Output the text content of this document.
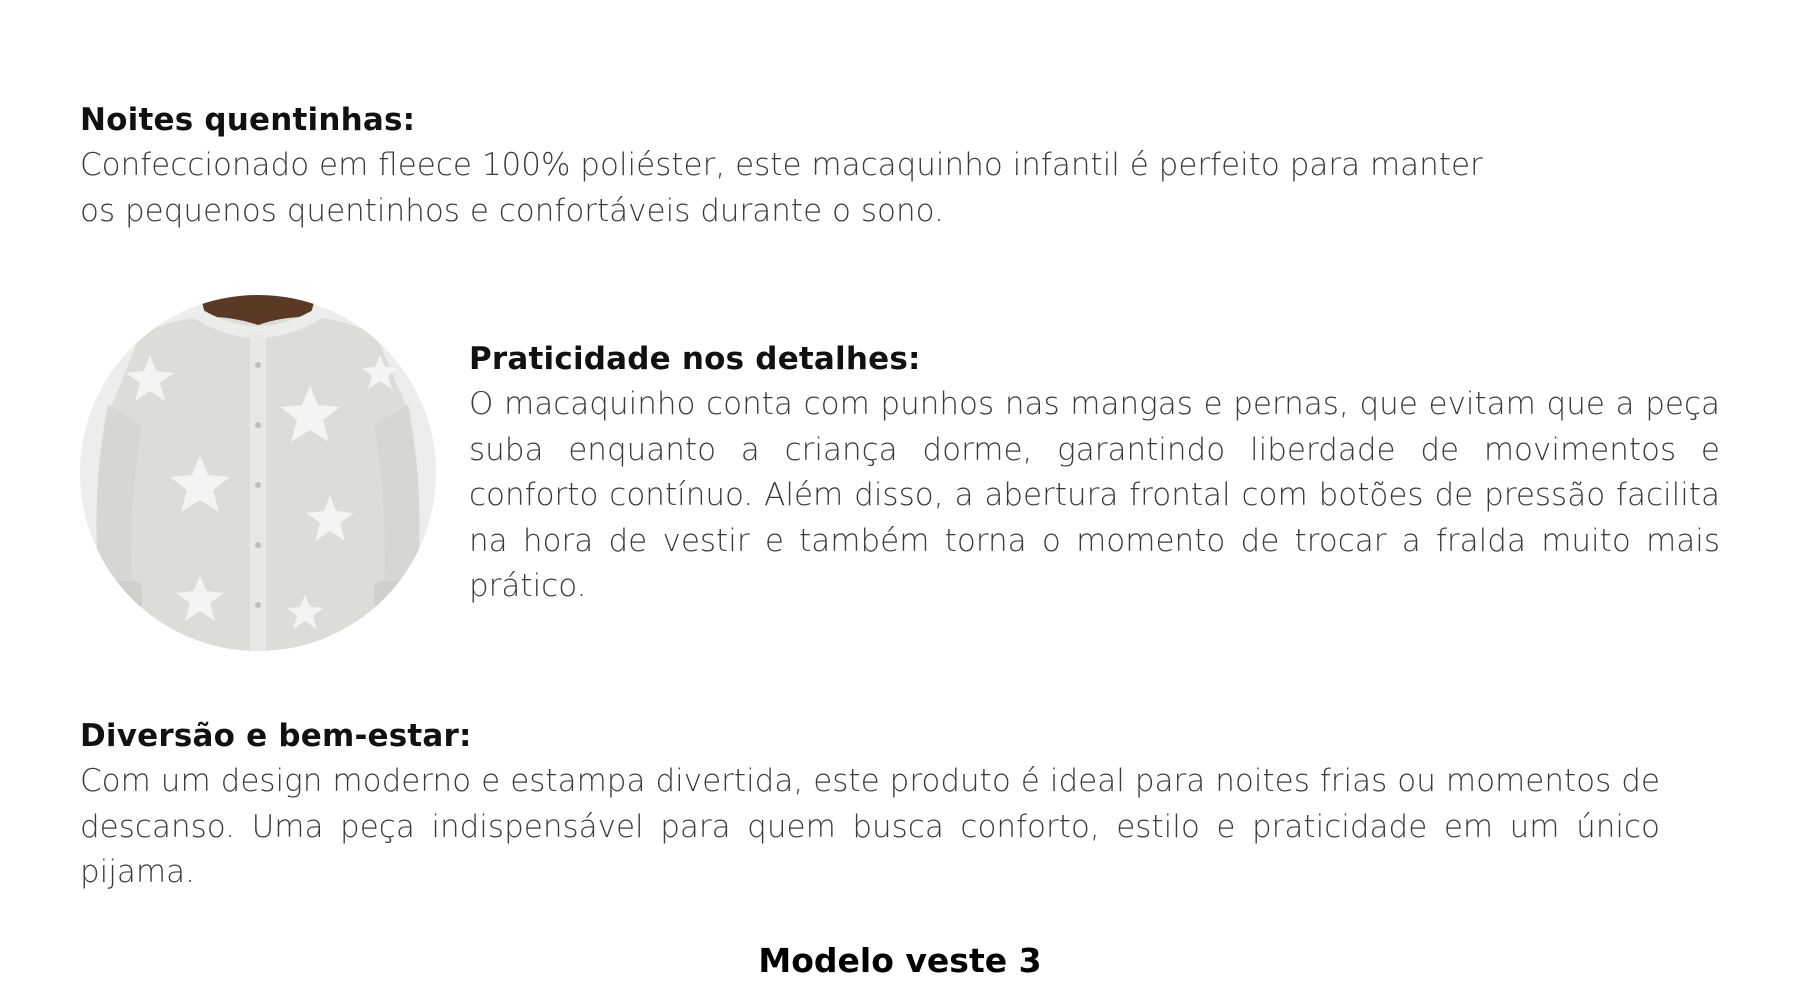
Noites quentinhas:

Confeccionado em fleece 100% poliéster, este macaquinho infantil é perfeito para manter

os pequenos quentinhos e confortáveis durante o sono.

Praticidade nos detalhes:

O macaquinho conta com punhos nas mangas e pernas, que evitam que a peça suba enquanto a criança dorme, garantindo liberdade de movimentos e conforto contínuo. Além disso, a abertura frontal com botões de pressão facilita na hora de vestir e também torna o momento de trocar a fralda muito mais prático.

Diversão e bem-estar:

Com um design moderno e estampa divertida, este produto é ideal para noites frias ou momentos de descanso. Uma peça indispensável para quem busca conforto, estilo e praticidade em um único pijama.

Modelo veste 3
